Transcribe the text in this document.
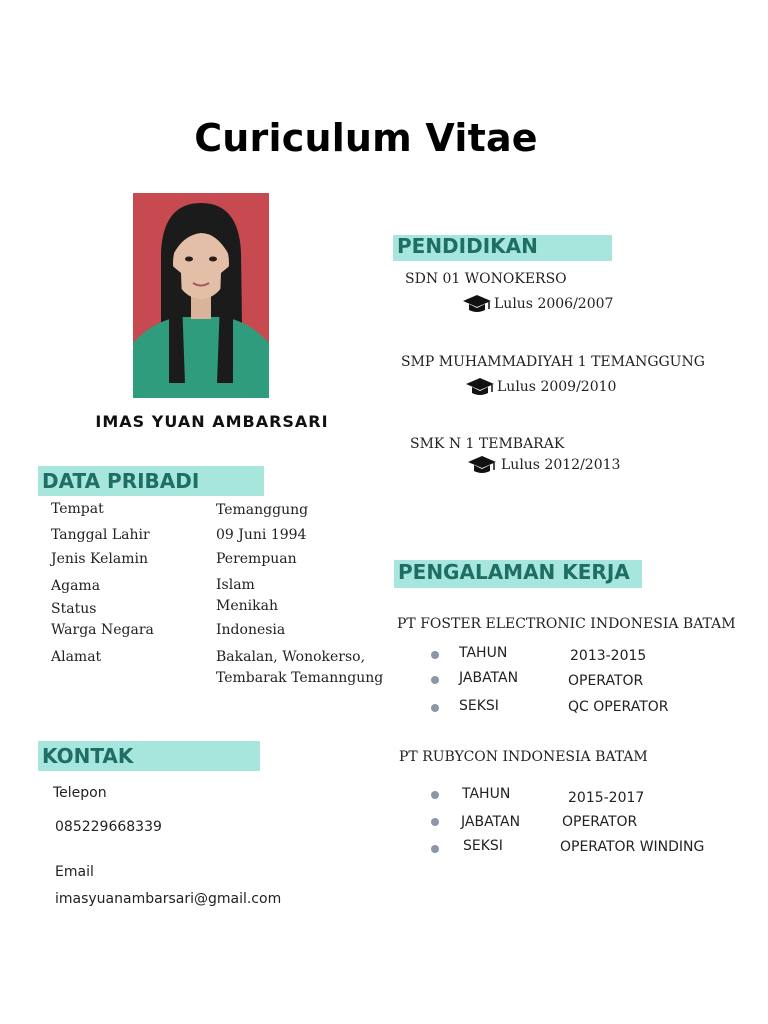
Curiculum Vitae
IMAS YUAN AMBARSARI
DATA PRIBADI
Tempat	Temanggung
Tanggal Lahir	09 Juni 1994
Jenis Kelamin	Perempuan
Agama	Islam
Status	Menikah
Warga Negara	Indonesia
Alamat	Bakalan, Wonokerso,
Tembarak Temanngung
KONTAK
Telepon
085229668339
Email
imasyuanambarsari@gmail.com
PENDIDIKAN
SDN 01 WONOKERSO
Lulus 2006/2007
SMP MUHAMMADIYAH 1 TEMANGGUNG
Lulus 2009/2010
SMK N 1 TEMBARAK
Lulus 2012/2013
PENGALAMAN KERJA
PT FOSTER ELECTRONIC INDONESIA BATAM
TAHUN	2013-2015
JABATAN	OPERATOR
SEKSI	QC OPERATOR
PT RUBYCON INDONESIA BATAM
TAHUN	2015-2017
JABATAN	OPERATOR
SEKSI	OPERATOR WINDING
